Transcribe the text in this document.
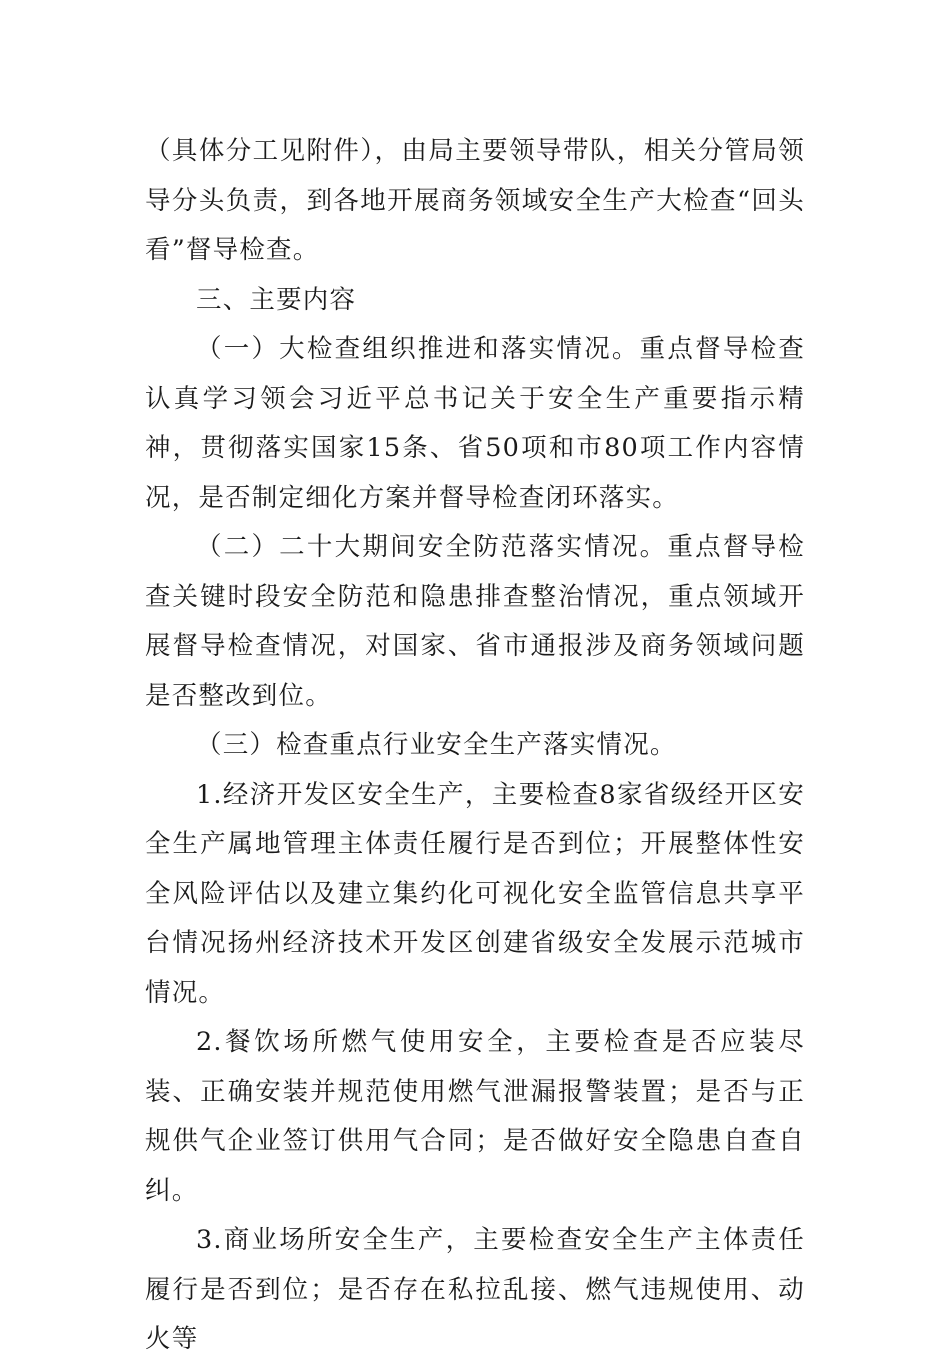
（具体分工见附件），由局主要领导带队，相关分管局领导分头负责，到各地开展商务领域安全生产大检查“回头看”督导检查。

三、主要内容

（一）大检查组织推进和落实情况。重点督导检查认真学习领会习近平总书记关于安全生产重要指示精神，贯彻落实国家15条、省50项和市80项工作内容情况，是否制定细化方案并督导检查闭环落实。

（二）二十大期间安全防范落实情况。重点督导检查关键时段安全防范和隐患排查整治情况，重点领域开展督导检查情况，对国家、省市通报涉及商务领域问题是否整改到位。

（三）检查重点行业安全生产落实情况。

1.经济开发区安全生产，主要检查8家省级经开区安全生产属地管理主体责任履行是否到位；开展整体性安全风险评估以及建立集约化可视化安全监管信息共享平台情况扬州经济技术开发区创建省级安全发展示范城市情况。

2.餐饮场所燃气使用安全，主要检查是否应装尽装、正确安装并规范使用燃气泄漏报警装置；是否与正规供气企业签订供用气合同；是否做好安全隐患自查自纠。

3.商业场所安全生产，主要检查安全生产主体责任履行是否到位；是否存在私拉乱接、燃气违规使用、动火等
